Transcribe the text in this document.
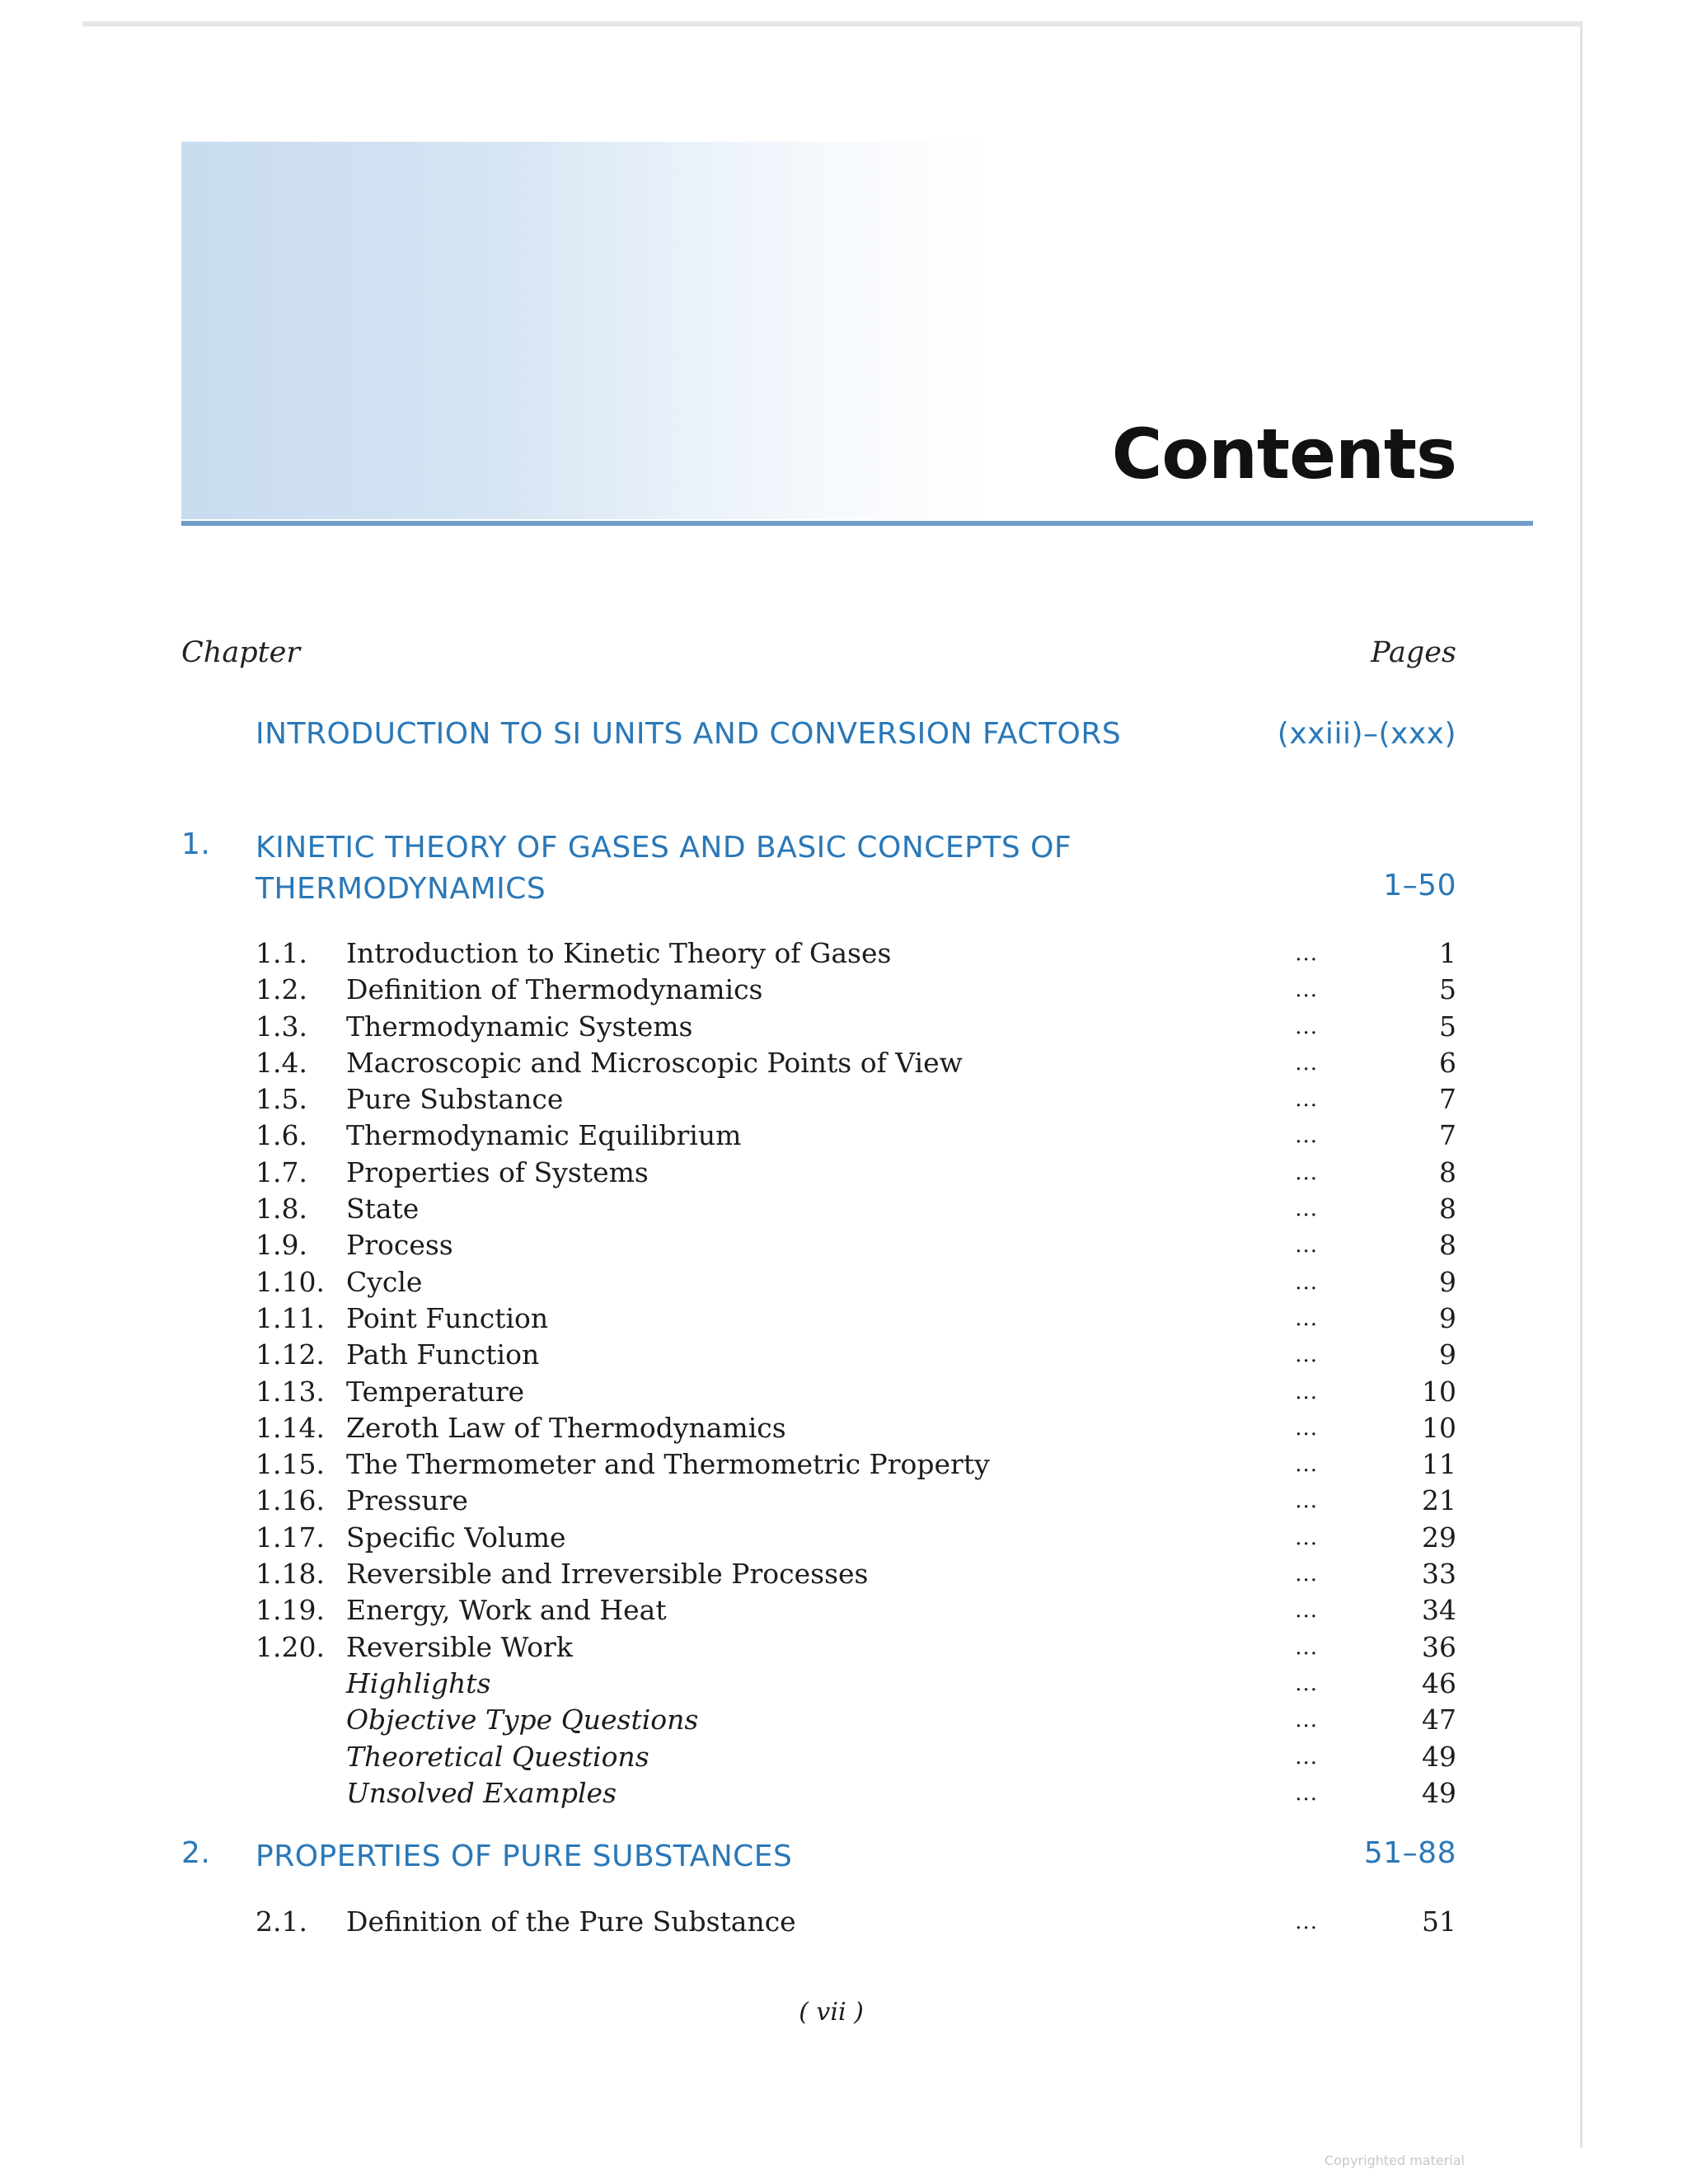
Contents
Chapter	Pages
INTRODUCTION TO SI UNITS AND CONVERSION FACTORS	(xxiii)–(xxx)
1. KINETIC THEORY OF GASES AND BASIC CONCEPTS OF THERMODYNAMICS	1–50
1.1. Introduction to Kinetic Theory of Gases	...	1
1.2. Definition of Thermodynamics	...	5
1.3. Thermodynamic Systems	...	5
1.4. Macroscopic and Microscopic Points of View	...	6
1.5. Pure Substance	...	7
1.6. Thermodynamic Equilibrium	...	7
1.7. Properties of Systems	...	8
1.8. State	...	8
1.9. Process	...	8
1.10. Cycle	...	9
1.11. Point Function	...	9
1.12. Path Function	...	9
1.13. Temperature	...	10
1.14. Zeroth Law of Thermodynamics	...	10
1.15. The Thermometer and Thermometric Property	...	11
1.16. Pressure	...	21
1.17. Specific Volume	...	29
1.18. Reversible and Irreversible Processes	...	33
1.19. Energy, Work and Heat	...	34
1.20. Reversible Work	...	36
Highlights	...	46
Objective Type Questions	...	47
Theoretical Questions	...	49
Unsolved Examples	...	49
2. PROPERTIES OF PURE SUBSTANCES	51–88
2.1. Definition of the Pure Substance	...	51
( vii )
Copyrighted material
